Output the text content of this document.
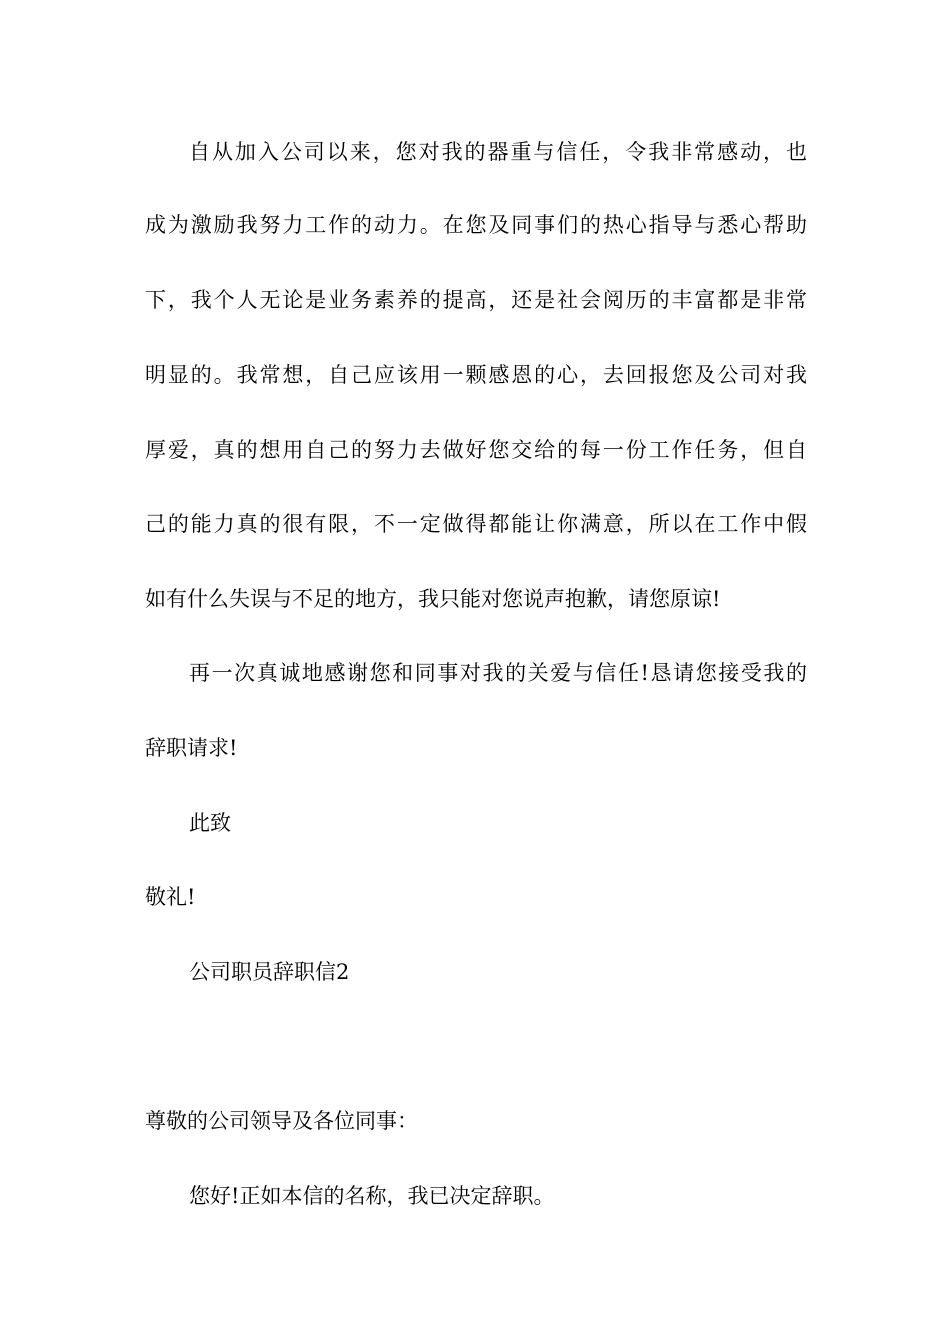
自从加入公司以来，您对我的器重与信任，令我非常感动，也
成为激励我努力工作的动力。在您及同事们的热心指导与悉心帮助
下，我个人无论是业务素养的提高，还是社会阅历的丰富都是非常
明显的。我常想，自己应该用一颗感恩的心，去回报您及公司对我
厚爱，真的想用自己的努力去做好您交给的每一份工作任务，但自
己的能力真的很有限，不一定做得都能让你满意，所以在工作中假
如有什么失误与不足的地方，我只能对您说声抱歉，请您原谅!
再一次真诚地感谢您和同事对我的关爱与信任!恳请您接受我的
辞职请求!
此致
敬礼!
公司职员辞职信2
尊敬的公司领导及各位同事：
您好!正如本信的名称，我已决定辞职。
